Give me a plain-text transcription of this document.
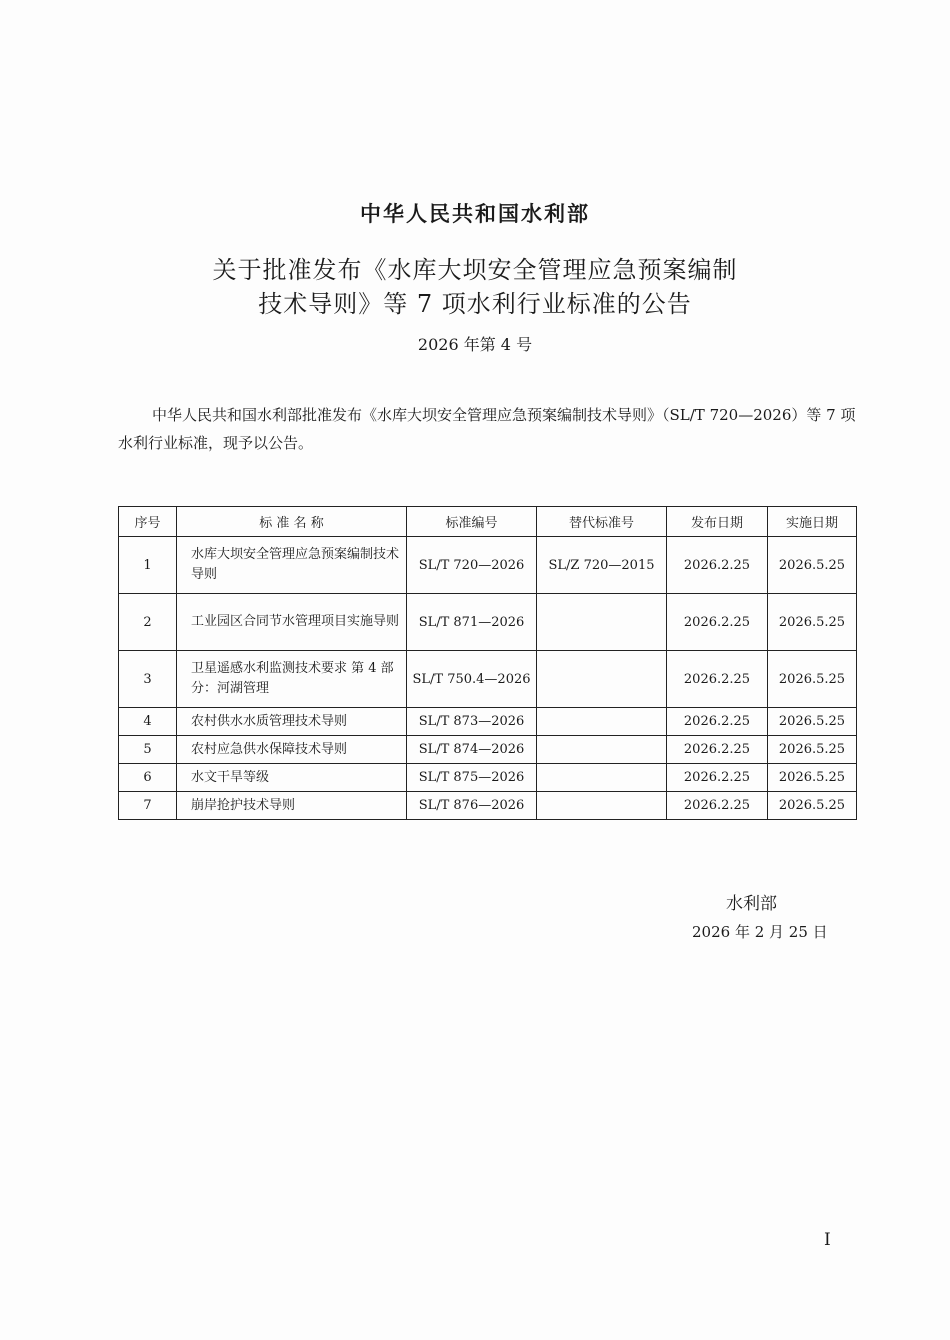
中华人民共和国水利部
关于批准发布《水库大坝安全管理应急预案编制
技术导则》等 7 项水利行业标准的公告
2026 年第 4 号
中华人民共和国水利部批准发布《水库大坝安全管理应急预案编制技术导则》（SL/T 720—2026）等 7 项水利行业标准，现予以公告。
序号	标 准 名 称	标准编号	替代标准号	发布日期	实施日期
1	水库大坝安全管理应急预案编制技术导则	SL/T 720—2026	SL/Z 720—2015	2026.2.25	2026.5.25
2	工业园区合同节水管理项目实施导则	SL/T 871—2026		2026.2.25	2026.5.25
3	卫星遥感水利监测技术要求 第 4 部分：河湖管理	SL/T 750.4—2026		2026.2.25	2026.5.25
4	农村供水水质管理技术导则	SL/T 873—2026		2026.2.25	2026.5.25
5	农村应急供水保障技术导则	SL/T 874—2026		2026.2.25	2026.5.25
6	水文干旱等级	SL/T 875—2026		2026.2.25	2026.5.25
7	崩岸抢护技术导则	SL/T 876—2026		2026.2.25	2026.5.25
水利部
2026 年 2 月 25 日
I
